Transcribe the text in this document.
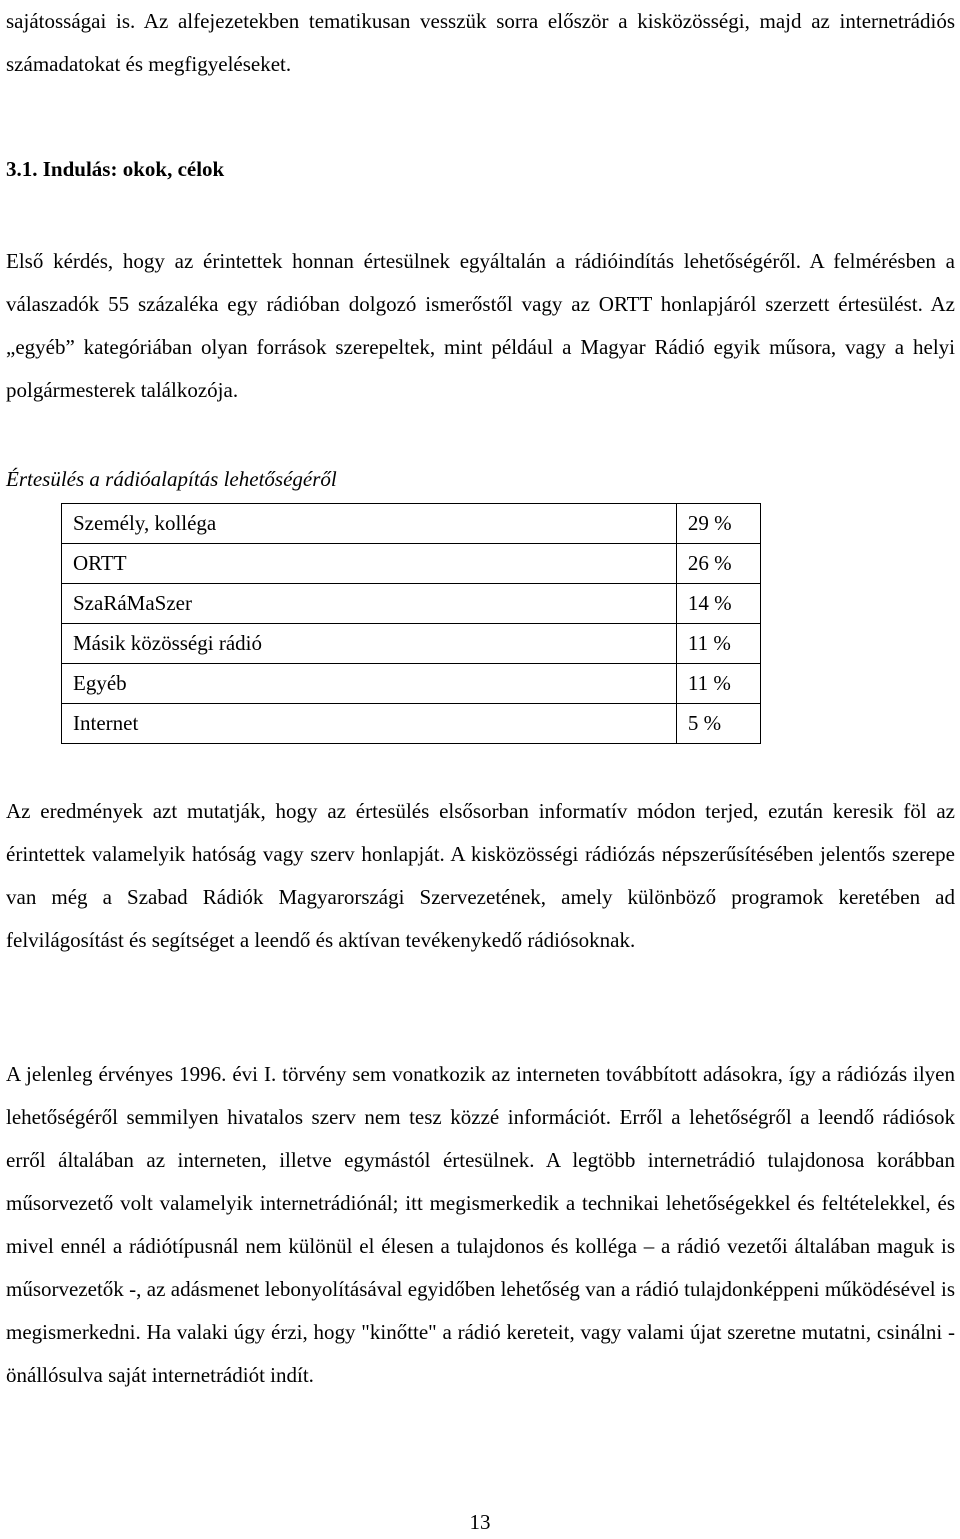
sajátosságai is. Az alfejezetekben tematikusan vesszük sorra először a kisközösségi, majd az internetrádiós számadatokat és megfigyeléseket.

3.1. Indulás: okok, célok

Első kérdés, hogy az érintettek honnan értesülnek egyáltalán a rádióindítás lehetőségéről. A felmérésben a válaszadók 55 százaléka egy rádióban dolgozó ismerőstől vagy az ORTT honlapjáról szerzett értesülést. Az „egyéb” kategóriában olyan források szerepeltek, mint például a Magyar Rádió egyik műsora, vagy a helyi polgármesterek találkozója.

Értesülés a rádióalapítás lehetőségéről

Személy, kolléga	29 %
ORTT	26 %
SzaRáMaSzer	14 %
Másik közösségi rádió	11 %
Egyéb	11 %
Internet	5 %

Az eredmények azt mutatják, hogy az értesülés elsősorban informatív módon terjed, ezután keresik föl az érintettek valamelyik hatóság vagy szerv honlapját. A kisközösségi rádiózás népszerűsítésében jelentős szerepe van még a Szabad Rádiók Magyarországi Szervezetének, amely különböző programok keretében ad felvilágosítást és segítséget a leendő és aktívan tevékenykedő rádiósoknak.

A jelenleg érvényes 1996. évi I. törvény sem vonatkozik az interneten továbbított adásokra, így a rádiózás ilyen lehetőségéről semmilyen hivatalos szerv nem tesz közzé információt. Erről a lehetőségről a leendő rádiósok erről általában az interneten, illetve egymástól értesülnek. A legtöbb internetrádió tulajdonosa korábban műsorvezető volt valamelyik internetrádiónál; itt megismerkedik a technikai lehetőségekkel és feltételekkel, és mivel ennél a rádiótípusnál nem különül el élesen a tulajdonos és kolléga – a rádió vezetői általában maguk is műsorvezetők -, az adásmenet lebonyolításával egyidőben lehetőség van a rádió tulajdonképpeni működésével is megismerkedni. Ha valaki úgy érzi, hogy "kinőtte" a rádió kereteit, vagy valami újat szeretne mutatni, csinálni - önállósulva saját internetrádiót indít.

13
